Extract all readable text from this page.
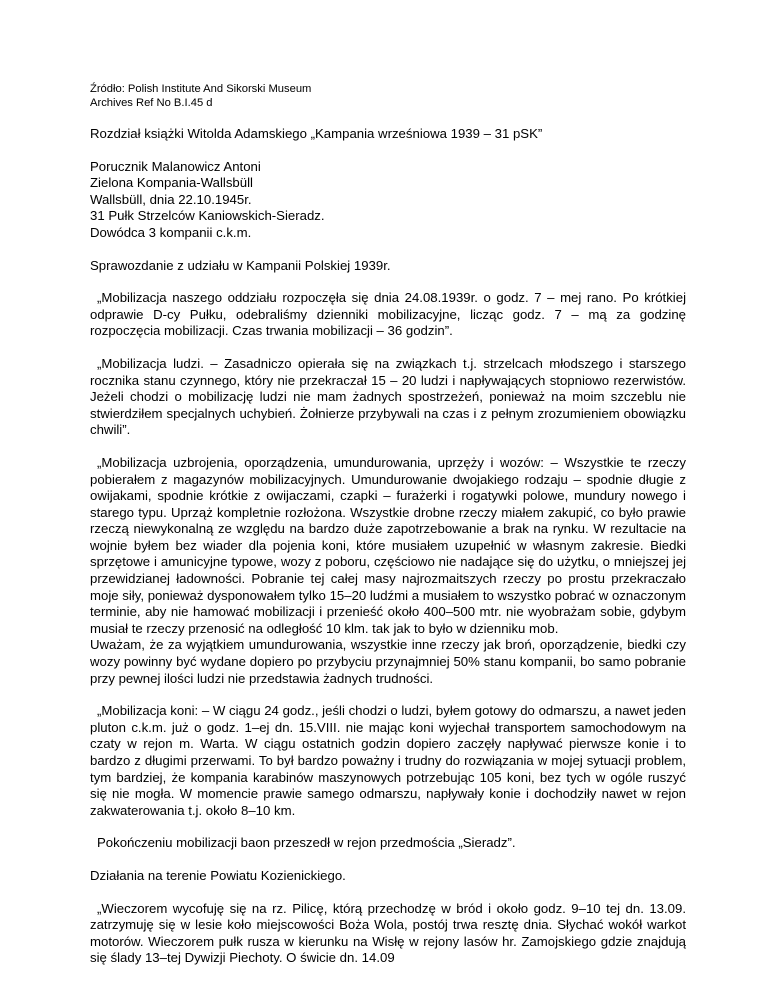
Źródło: Polish Institute And Sikorski Museum
Archives Ref No B.I.45 d
Rozdział książki Witolda Adamskiego „Kampania wrześniowa 1939 – 31 pSK”
Porucznik Malanowicz Antoni
Zielona Kompania-Wallsbüll
Wallsbüll, dnia 22.10.1945r.
31 Pułk Strzelców Kaniowskich-Sieradz.
Dowódca 3 kompanii c.k.m.
Sprawozdanie z udziału w Kampanii Polskiej 1939r.

„Mobilizacja naszego oddziału rozpoczęła się dnia 24.08.1939r. o godz. 7 – mej rano. Po krótkiej odprawie D-cy Pułku, odebraliśmy dzienniki mobilizacyjne, licząc godz. 7 – mą za godzinę rozpoczęcia mobilizacji. Czas trwania mobilizacji – 36 godzin”.

„Mobilizacja ludzi. – Zasadniczo opierała się na związkach t.j. strzelcach młodszego i starszego rocznika stanu czynnego, który nie przekraczał 15 – 20 ludzi i napływających stopniowo rezerwistów. Jeżeli chodzi o mobilizację ludzi nie mam żadnych spostrzeżeń, ponieważ na moim szczeblu nie stwierdziłem specjalnych uchybień. Żołnierze przybywali na czas i z pełnym zrozumieniem obowiązku chwili”.

„Mobilizacja uzbrojenia, oporządzenia, umundurowania, uprzęży i wozów: – Wszystkie te rzeczy pobierałem z magazynów mobilizacyjnych. Umundurowanie dwojakiego rodzaju – spodnie długie z owijakami, spodnie krótkie z owijaczami, czapki – furażerki i rogatywki polowe, mundury nowego i starego typu. Uprząż kompletnie rozłożona. Wszystkie drobne rzeczy miałem zakupić, co było prawie rzeczą niewykonalną ze względu na bardzo duże zapotrzebowanie a brak na rynku. W rezultacie na wojnie byłem bez wiader dla pojenia koni, które musiałem uzupełnić w własnym zakresie. Biedki sprzętowe i amunicyjne typowe, wozy z poboru, częściowo nie nadające się do użytku, o mniejszej jej przewidzianej ładowności. Pobranie tej całej masy najrozmaitszych rzeczy po prostu przekraczało moje siły, ponieważ dysponowałem tylko 15–20 ludźmi a musiałem to wszystko pobrać w oznaczonym terminie, aby nie hamować mobilizacji i przenieść około 400–500 mtr. nie wyobrażam sobie, gdybym musiał te rzeczy przenosić na odległość 10 klm. tak jak to było w dzienniku mob.

Uważam, że za wyjątkiem umundurowania, wszystkie inne rzeczy jak broń, oporządzenie, biedki czy wozy powinny być wydane dopiero po przybyciu przynajmniej 50% stanu kompanii, bo samo pobranie przy pewnej ilości ludzi nie przedstawia żadnych trudności.

„Mobilizacja koni: – W ciągu 24 godz., jeśli chodzi o ludzi, byłem gotowy do odmarszu, a nawet jeden pluton c.k.m. już o godz. 1–ej dn. 15.VIII. nie mając koni wyjechał transportem samochodowym na czaty w rejon m. Warta. W ciągu ostatnich godzin dopiero zaczęły napływać pierwsze konie i to bardzo z długimi przerwami. To był bardzo poważny i trudny do rozwiązania w mojej sytuacji problem, tym bardziej, że kompania karabinów maszynowych potrzebując 105 koni, bez tych w ogóle ruszyć się nie mogła. W momencie prawie samego odmarszu, napływały konie i dochodziły nawet w rejon zakwaterowania t.j. około 8–10 km.

Pokończeniu mobilizacji baon przeszedł w rejon przedmościa „Sieradz”.

Działania na terenie Powiatu Kozienickiego.

„Wieczorem wycofuję się na rz. Pilicę, którą przechodzę w bród i około godz. 9–10 tej dn. 13.09. zatrzymuję się w lesie koło miejscowości Boża Wola, postój trwa resztę dnia. Słychać wokół warkot motorów. Wieczorem pułk rusza w kierunku na Wisłę w rejony lasów hr. Zamojskiego gdzie znajdują się ślady 13–tej Dywizji Piechoty. O świcie dn. 14.09
